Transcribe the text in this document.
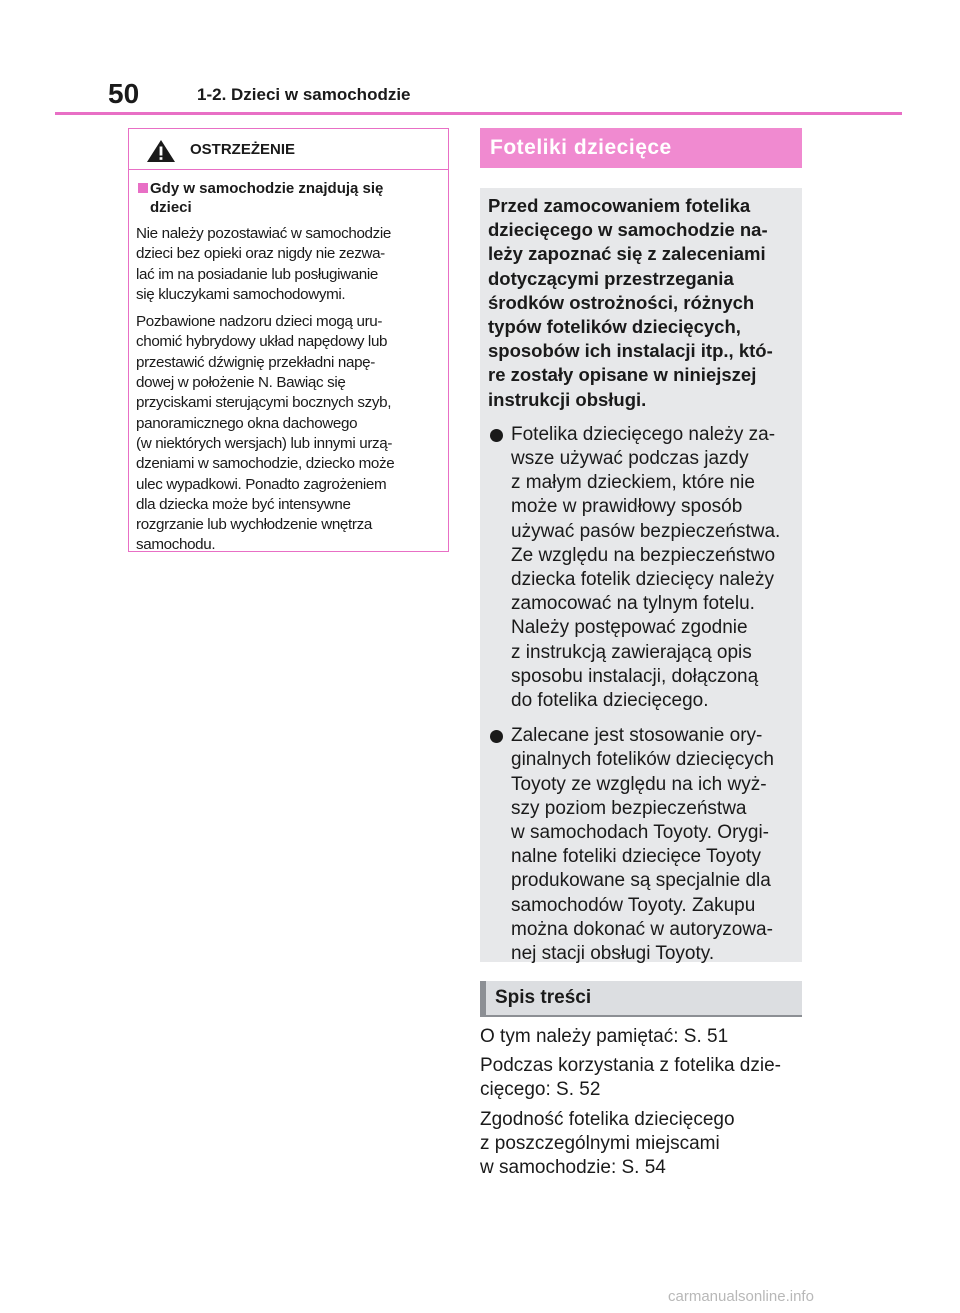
50	1-2. Dzieci w samochodzie
OSTRZEŻENIE
Gdy w samochodzie znajdują się
dzieci
Nie należy pozostawiać w samochodzie
dzieci bez opieki oraz nigdy nie zezwa-
lać im na posiadanie lub posługiwanie
się kluczykami samochodowymi.
Pozbawione nadzoru dzieci mogą uru-
chomić hybrydowy układ napędowy lub
przestawić dźwignię przekładni napę-
dowej w położenie N. Bawiąc się
przyciskami sterującymi bocznych szyb,
panoramicznego okna dachowego
(w niektórych wersjach) lub innymi urzą-
dzeniami w samochodzie, dziecko może
ulec wypadkowi. Ponadto zagrożeniem
dla dziecka może być intensywne
rozgrzanie lub wychłodzenie wnętrza
samochodu.
Foteliki dziecięce
Przed zamocowaniem fotelika
dziecięcego w samochodzie na-
leży zapoznać się z zaleceniami
dotyczącymi przestrzegania
środków ostrożności, różnych
typów fotelików dziecięcych,
sposobów ich instalacji itp., któ-
re zostały opisane w niniejszej
instrukcji obsługi.
Fotelika dziecięcego należy za-
wsze używać podczas jazdy
z małym dzieckiem, które nie
może w prawidłowy sposób
używać pasów bezpieczeństwa.
Ze względu na bezpieczeństwo
dziecka fotelik dziecięcy należy
zamocować na tylnym fotelu.
Należy postępować zgodnie
z instrukcją zawierającą opis
sposobu instalacji, dołączoną
do fotelika dziecięcego.
Zalecane jest stosowanie ory-
ginalnych fotelików dziecięcych
Toyoty ze względu na ich wyż-
szy poziom bezpieczeństwa
w samochodach Toyoty. Orygi-
nalne foteliki dziecięce Toyoty
produkowane są specjalnie dla
samochodów Toyoty. Zakupu
można dokonać w autoryzowa-
nej stacji obsługi Toyoty.
Spis treści
O tym należy pamiętać: S. 51
Podczas korzystania z fotelika dzie-
cięcego: S. 52
Zgodność fotelika dziecięcego
z poszczególnymi miejscami
w samochodzie: S. 54
carmanualsonline.info
